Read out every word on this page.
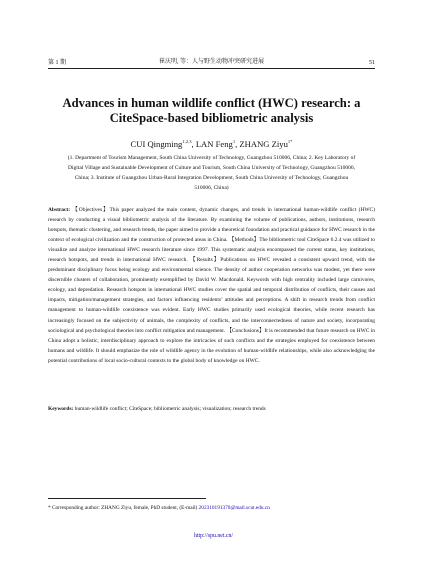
第 1 期	崔庆明, 等：人与野生动物冲突研究进展	51
Advances in human wildlife conflict (HWC) research: a CiteSpace-based bibliometric analysis
CUI Qingming$^{1,2,3}$, LAN Feng$^1$, ZHANG Ziyu$^{1*}$
(1. Department of Tourism Management, South China University of Technology, Guangzhou 510006, China; 2. Key Laboratory of Digital Village and Sustainable Development of Culture and Tourism, South China University of Technology, Guangzhou 510006, China; 3. Institute of Guangzhou Urban-Rural Integration Development, South China University of Technology, Guangzhou 510006, China)
Abstract: 【Objectives】This paper analyzed the main content, dynamic changes, and trends in international human-wildlife conflict (HWC) research by conducting a visual bibliometric analysis of the literature. By examining the volume of publications, authors, institutions, research hotspots, thematic clustering, and research trends, the paper aimed to provide a theoretical foundation and practical guidance for HWC research in the context of ecological civilization and the construction of protected areas in China. 【Methods】The bibliometric tool CiteSpace 6.2.4 was utilized to visualize and analyze international HWC research literature since 1997. This systematic analysis encompassed the current status, key institutions, research hotspots, and trends in international HWC research. 【Results】Publications on HWC revealed a consistent upward trend, with the predominant disciplinary focus being ecology and environmental science. The density of author cooperation networks was modest, yet there were discernible clusters of collaboration, prominently exemplified by David W. Macdonald. Keywords with high centrality included large carnivores, ecology, and depredation. Research hotspots in international HWC studies cover the spatial and temporal distribution of conflicts, their causes and impacts, mitigation/management strategies, and factors influencing residents’ attitudes and perceptions. A shift in research trends from conflict management to human-wildlife coexistence was evident. Early HWC studies primarily used ecological theories, while recent research has increasingly focused on the subjectivity of animals, the complexity of conflicts, and the interconnectedness of nature and society, incorporating sociological and psychological theories into conflict mitigation and management. 【Conclusions】It is recommended that future research on HWC in China adopt a holistic, interdisciplinary approach to explore the intricacies of such conflicts and the strategies employed for coexistence between humans and wildlife. It should emphasize the role of wildlife agency in the evolution of human-wildlife relationships, while also acknowledging the potential contributions of local socio-cultural contexts to the global body of knowledge on HWC.
Keywords: human-wildlife conflict; CiteSpace; bibliometric analysis; visualization; research trends
* Corresponding author: ZHANG Ziyu, female, PhD student, (E-mail) 202310191370@mail.scut.edu.cn
http://spu.net.cn/
